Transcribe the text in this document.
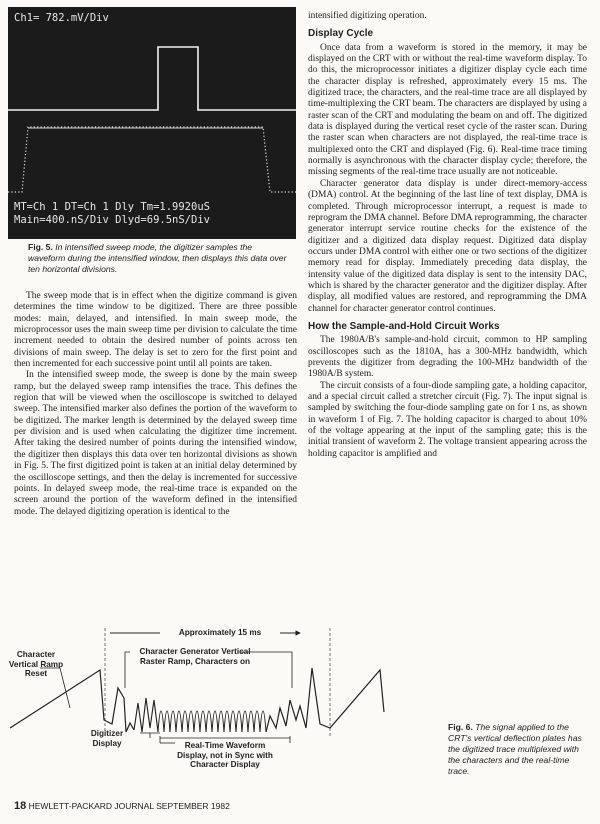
Ch1= 782.mV/Div
MT=Ch 1 DT=Ch 1 Dly Tm=1.9920uS
Main=400.nS/Div Dlyd=69.5nS/Div
Fig. 5. In intensified sweep mode, the digitizer samples the waveform during the intensified window, then displays this data over ten horizontal divisions.

The sweep mode that is in effect when the digitize command is given determines the time window to be digitized. There are three possible modes: main, delayed, and intensified. In main sweep mode, the microprocessor uses the main sweep time per division to calculate the time increment needed to obtain the desired number of points across ten divisions of main sweep. The delay is set to zero for the first point and then incremented for each successive point until all points are taken.

In the intensified sweep mode, the sweep is done by the main sweep ramp, but the delayed sweep ramp intensifies the trace. This defines the region that will be viewed when the oscilloscope is switched to delayed sweep. The intensified marker also defines the portion of the waveform to be digitized. The marker length is determined by the delayed sweep time per division and is used when calculating the digitizer time increment. After taking the desired number of points during the intensified window, the digitizer then displays this data over ten horizontal divisions as shown in Fig. 5. The first digitized point is taken at an initial delay determined by the oscilloscope settings, and then the delay is incremented for successive points. In delayed sweep mode, the real-time trace is expanded on the screen around the portion of the waveform defined in the intensified mode. The delayed digitizing operation is identical to the

intensified digitizing operation.

Display Cycle

Once data from a waveform is stored in the memory, it may be displayed on the CRT with or without the real-time waveform display. To do this, the microprocessor initiates a digitizer display cycle each time the character display is refreshed, approximately every 15 ms. The digitized trace, the characters, and the real-time trace are all displayed by time-multiplexing the CRT beam. The characters are displayed by using a raster scan of the CRT and modulating the beam on and off. The digitized data is displayed during the vertical reset cycle of the raster scan. During the raster scan when characters are not displayed, the real-time trace is multiplexed onto the CRT and displayed (Fig. 6). Real-time trace timing normally is asynchronous with the character display cycle; therefore, the missing segments of the real-time trace usually are not noticeable.

Character generator data display is under direct-memory-access (DMA) control. At the beginning of the last line of text display, DMA is completed. Through microprocessor interrupt, a request is made to reprogram the DMA channel. Before DMA reprogramming, the character generator interrupt service routine checks for the existence of the digitizer and a digitized data display request. Digitized data display occurs under DMA control with either one or two sections of the digitizer memory read for display. Immediately preceding data display, the intensity value of the digitized data display is sent to the intensity DAC, which is shared by the character generator and the digitizer display. After display, all modified values are restored, and reprogramming the DMA channel for character generator control continues.

How the Sample-and-Hold Circuit Works

The 1980A/B's sample-and-hold circuit, common to HP sampling oscilloscopes such as the 1810A, has a 300-MHz bandwidth, which prevents the digitizer from degrading the 100-MHz bandwidth of the 1980A/B system.

The circuit consists of a four-diode sampling gate, a holding capacitor, and a special circuit called a stretcher circuit (Fig. 7). The input signal is sampled by switching the four-diode sampling gate on for 1 ns, as shown in waveform 1 of Fig. 7. The holding capacitor is charged to about 10% of the voltage appearing at the input of the sampling gate; this is the initial transient of waveform 2. The voltage transient appearing across the holding capacitor is amplified and

Approximately 15 ms
Character Vertical Ramp Reset
Character Generator Vertical Raster Ramp, Characters on
Digitizer Display	Real-Time Waveform Display, not in Sync with Character Display
Fig. 6. The signal applied to the CRT's vertical deflection plates has the digitized trace multiplexed with the characters and the real-time trace.
18 HEWLETT-PACKARD JOURNAL SEPTEMBER 1982
